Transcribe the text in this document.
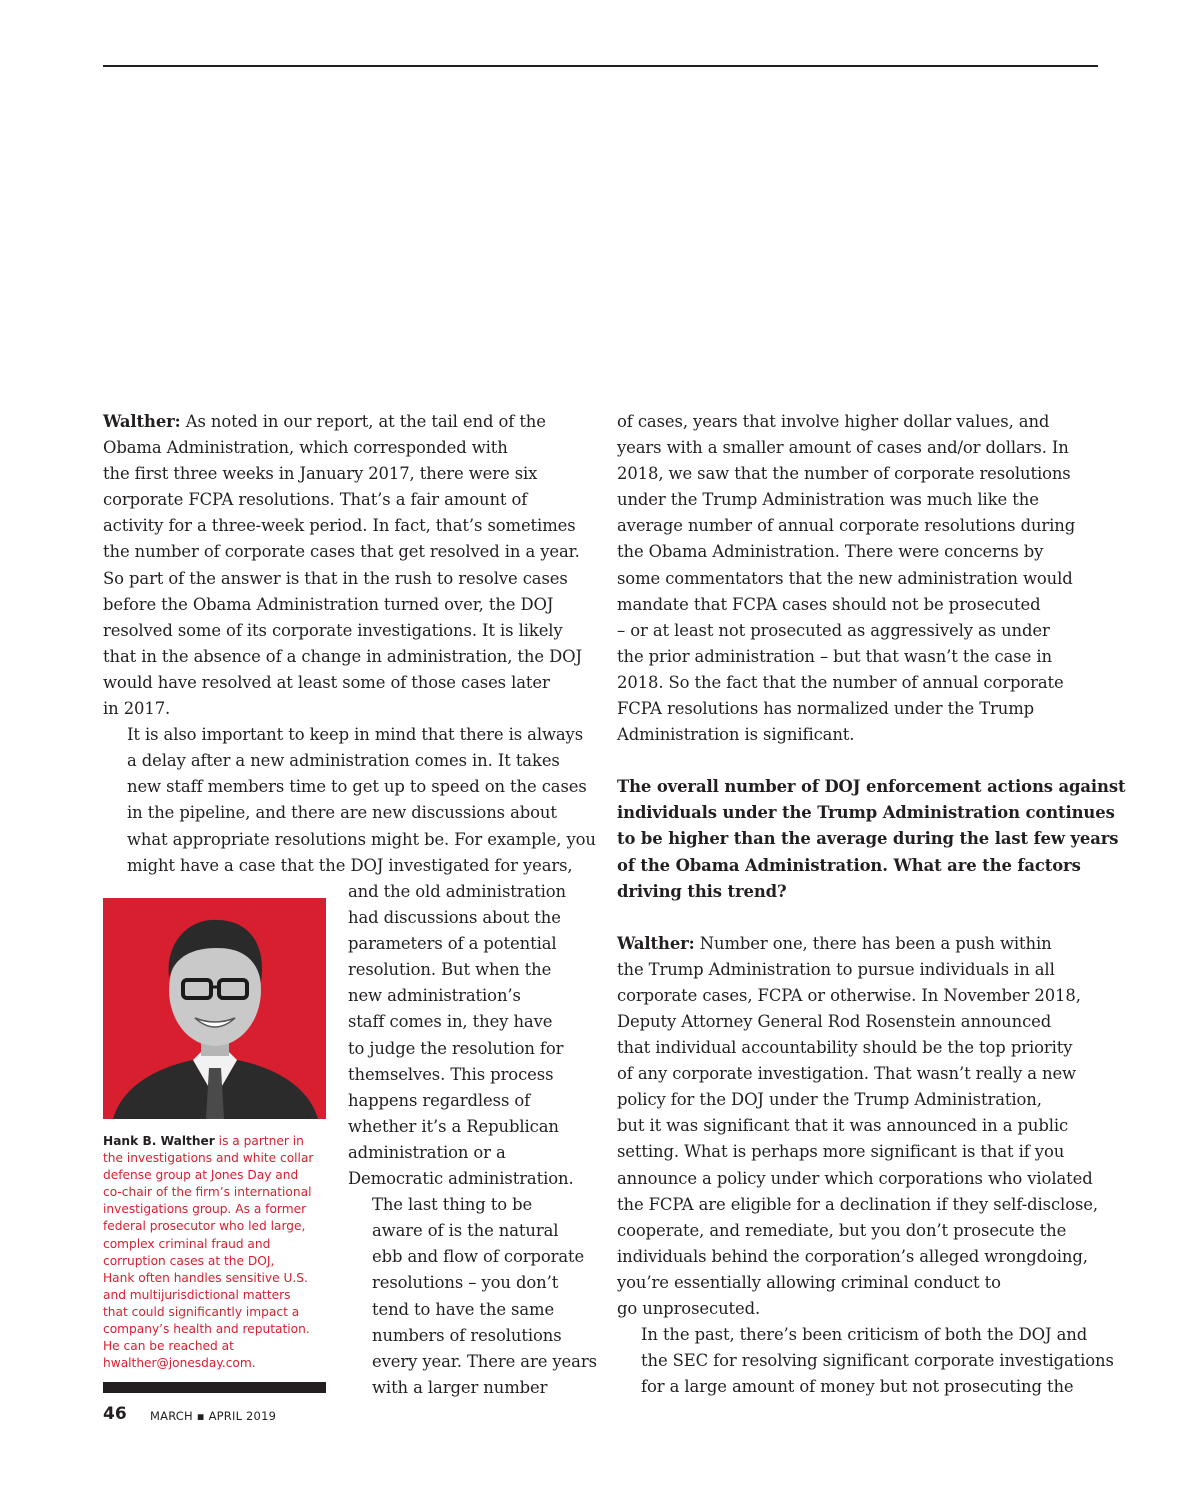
Walther: As noted in our report, at the tail end of the
Obama Administration, which corresponded with
the first three weeks in January 2017, there were six
corporate FCPA resolutions. That’s a fair amount of
activity for a three-week period. In fact, that’s sometimes
the number of corporate cases that get resolved in a year.
So part of the answer is that in the rush to resolve cases
before the Obama Administration turned over, the DOJ
resolved some of its corporate investigations. It is likely
that in the absence of a change in administration, the DOJ
would have resolved at least some of those cases later
in 2017.

It is also important to keep in mind that there is always
a delay after a new administration comes in. It takes
new staff members time to get up to speed on the cases
in the pipeline, and there are new discussions about
what appropriate resolutions might be. For example, you
might have a case that the DOJ investigated for years,

Hank B. Walther is a partner in
the investigations and white collar
defense group at Jones Day and
co-chair of the firm’s international
investigations group. As a former
federal prosecutor who led large,
complex criminal fraud and
corruption cases at the DOJ,
Hank often handles sensitive U.S.
and multijurisdictional matters
that could significantly impact a
company’s health and reputation.
He can be reached at
hwalther@jonesday.com.

and the old administration
had discussions about the
parameters of a potential
resolution. But when the
new administration’s
staff comes in, they have
to judge the resolution for
themselves. This process
happens regardless of
whether it’s a Republican
administration or a
Democratic administration.

The last thing to be
aware of is the natural
ebb and flow of corporate
resolutions – you don’t
tend to have the same
numbers of resolutions
every year. There are years
with a larger number

of cases, years that involve higher dollar values, and
years with a smaller amount of cases and/or dollars. In
2018, we saw that the number of corporate resolutions
under the Trump Administration was much like the
average number of annual corporate resolutions during
the Obama Administration. There were concerns by
some commentators that the new administration would
mandate that FCPA cases should not be prosecuted
– or at least not prosecuted as aggressively as under
the prior administration – but that wasn’t the case in
2018. So the fact that the number of annual corporate
FCPA resolutions has normalized under the Trump
Administration is significant.

The overall number of DOJ enforcement actions against
individuals under the Trump Administration continues
to be higher than the average during the last few years
of the Obama Administration. What are the factors
driving this trend?

Walther: Number one, there has been a push within
the Trump Administration to pursue individuals in all
corporate cases, FCPA or otherwise. In November 2018,
Deputy Attorney General Rod Rosenstein announced
that individual accountability should be the top priority
of any corporate investigation. That wasn’t really a new
policy for the DOJ under the Trump Administration,
but it was significant that it was announced in a public
setting. What is perhaps more significant is that if you
announce a policy under which corporations who violated
the FCPA are eligible for a declination if they self-disclose,
cooperate, and remediate, but you don’t prosecute the
individuals behind the corporation’s alleged wrongdoing,
you’re essentially allowing criminal conduct to
go unprosecuted.

In the past, there’s been criticism of both the DOJ and
the SEC for resolving significant corporate investigations
for a large amount of money but not prosecuting the

46 MARCH ▪ APRIL 2019
